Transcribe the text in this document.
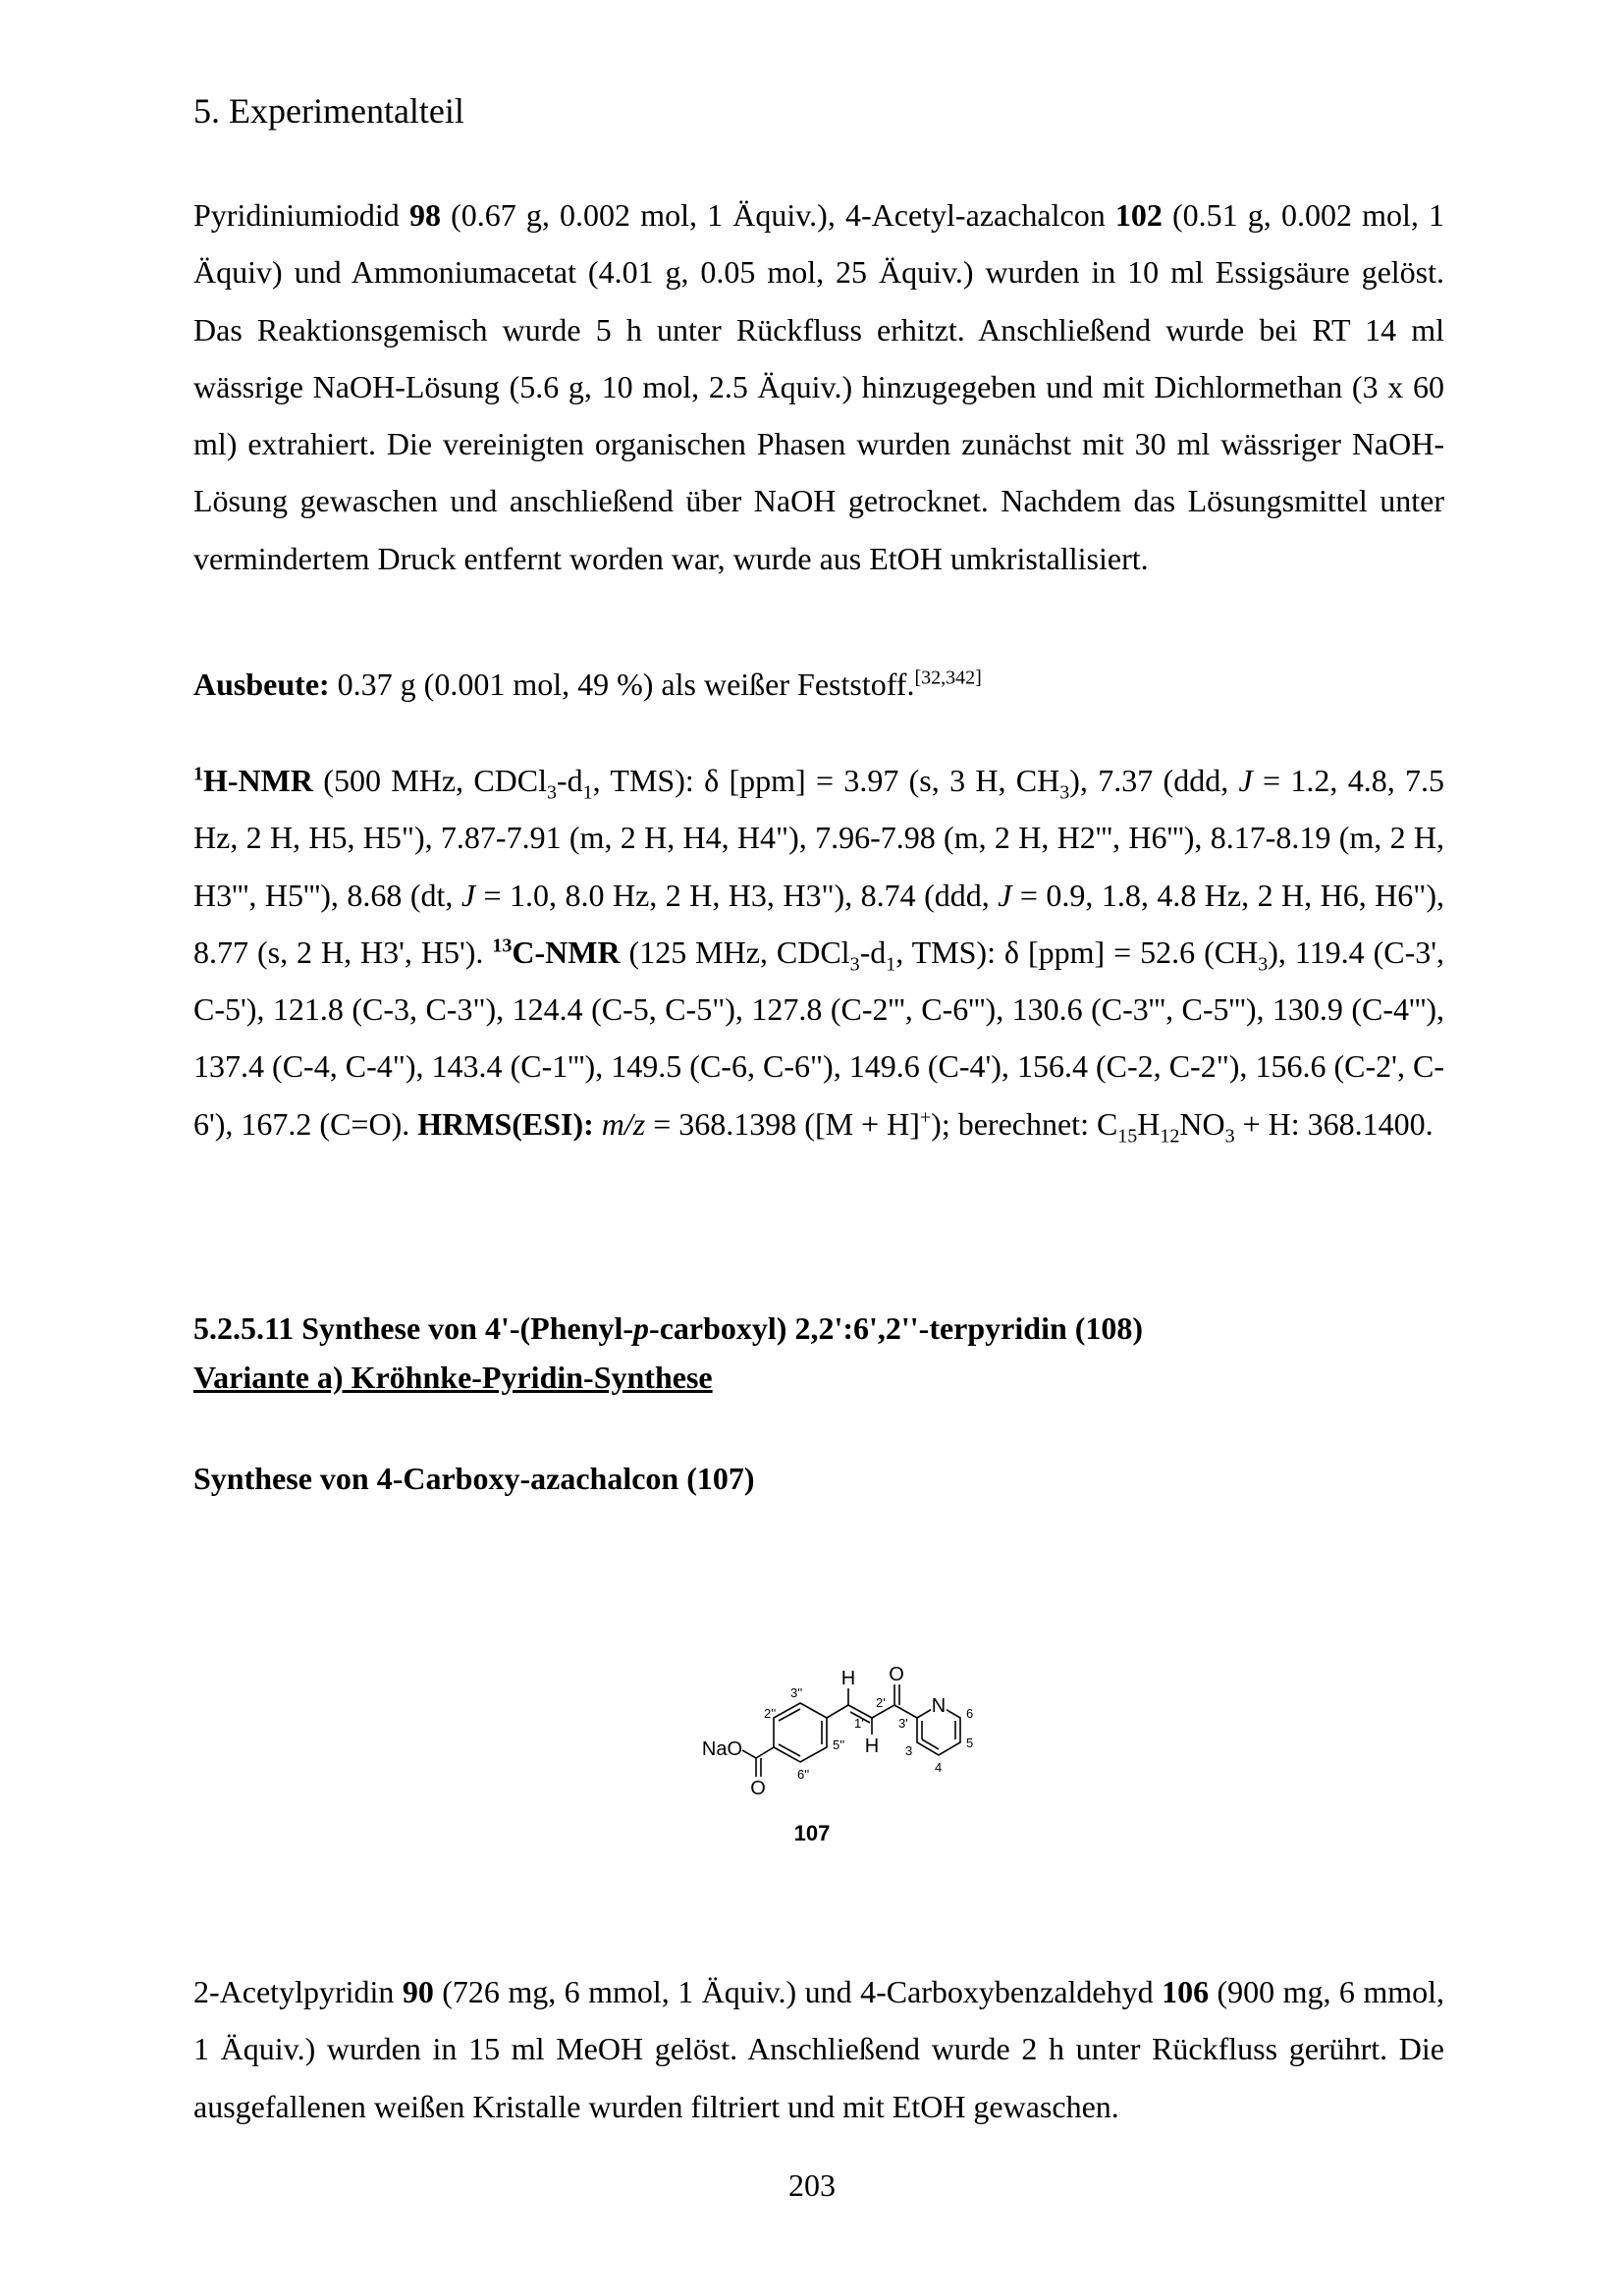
5. Experimentalteil
Pyridiniumiodid 98 (0.67 g, 0.002 mol, 1 Äquiv.), 4-Acetyl-azachalcon 102 (0.51 g, 0.002 mol, 1 Äquiv) und Ammoniumacetat (4.01 g, 0.05 mol, 25 Äquiv.) wurden in 10 ml Essigsäure gelöst. Das Reaktionsgemisch wurde 5 h unter Rückfluss erhitzt. Anschließend wurde bei RT 14 ml wässrige NaOH-Lösung (5.6 g, 10 mol, 2.5 Äquiv.) hinzugegeben und mit Dichlormethan (3 x 60 ml) extrahiert. Die vereinigten organischen Phasen wurden zunächst mit 30 ml wässriger NaOH-Lösung gewaschen und anschließend über NaOH getrocknet. Nachdem das Lösungsmittel unter vermindertem Druck entfernt worden war, wurde aus EtOH umkristallisiert.
Ausbeute: 0.37 g (0.001 mol, 49 %) als weißer Feststoff.[32,342]
$^1$H-NMR (500 MHz, $CDCl_3-d_1$, TMS): δ [ppm] = 3.97 (s, 3 H, $CH_3$), 7.37 (ddd, J = 1.2, 4.8, 7.5 Hz, 2 H, H5, H5"), 7.87-7.91 (m, 2 H, H4, H4"), 7.96-7.98 (m, 2 H, H2''', H6'''), 8.17-8.19 (m, 2 H, H3''', H5'''), 8.68 (dt, J = 1.0, 8.0 Hz, 2 H, H3, H3"), 8.74 (ddd, J = 0.9, 1.8, 4.8 Hz, 2 H, H6, H6"), 8.77 (s, 2 H, H3', H5'). $^{13}$C-NMR (125 MHz, $CDCl_3-d_1$, TMS): δ [ppm] = 52.6 $(CH_3)$, 119.4 (C-3', C-5'), 121.8 (C-3, C-3"), 124.4 (C-5, C-5"), 127.8 (C-2''', C-6'''), 130.6 (C-3''', C-5'''), 130.9 (C-4'''), 137.4 (C-4, C-4"), 143.4 (C-1'''), 149.5 (C-6, C-6"), 149.6 (C-4'), 156.4 (C-2, C-2"), 156.6 (C-2', C-6'), 167.2 (C=O). HRMS(ESI): m/z = 368.1398 ([M + H]+); berechnet: $C_{15}H_{12}NO_3 + H$: 368.1400.
5.2.5.11 Synthese von 4'-(Phenyl-p-carboxyl) 2,2':6',2''-terpyridin (108)
Variante a) Kröhnke-Pyridin-Synthese
Synthese von 4-Carboxy-azachalcon (107)
NaO
O
H O
N
H
2''
3''
5''
6''
1'
2'
3'
3
4
5
6
107
2-Acetylpyridin 90 (726 mg, 6 mmol, 1 Äquiv.) und 4-Carboxybenzaldehyd 106 (900 mg, 6 mmol, 1 Äquiv.) wurden in 15 ml MeOH gelöst. Anschließend wurde 2 h unter Rückfluss gerührt. Die ausgefallenen weißen Kristalle wurden filtriert und mit EtOH gewaschen.
203
